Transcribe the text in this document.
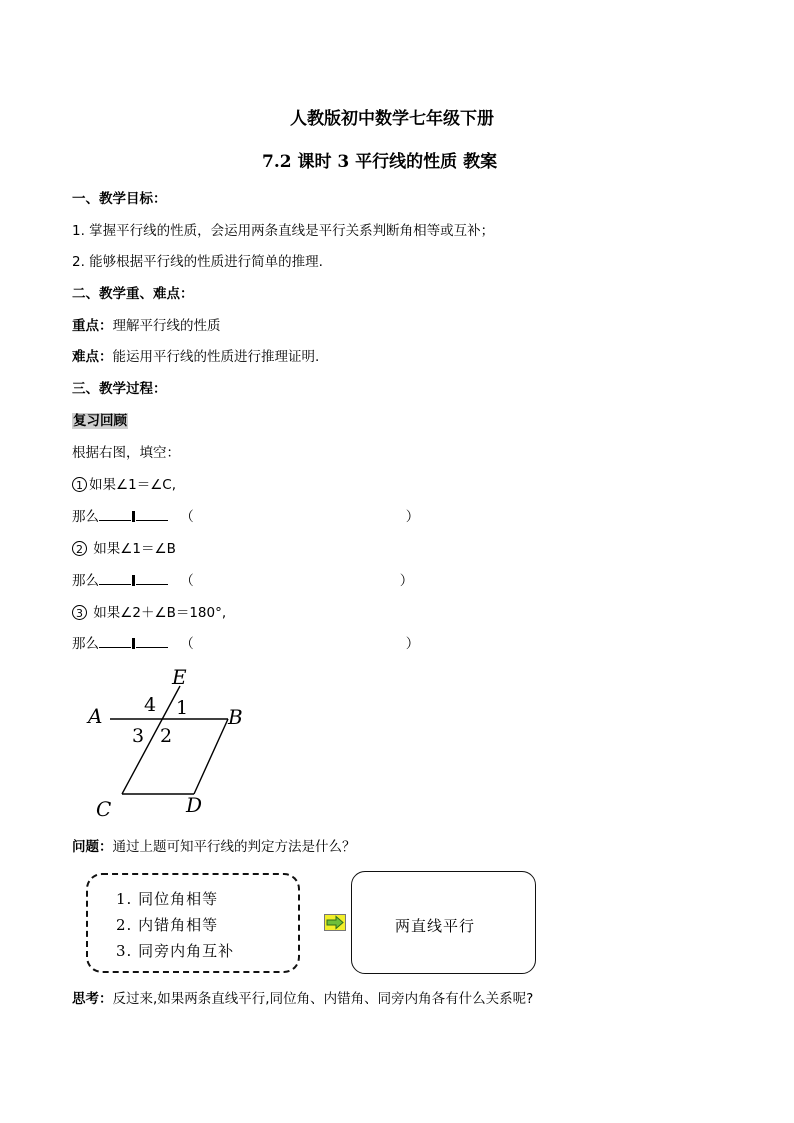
人教版初中数学七年级下册
7.2 课时 3 平行线的性质 教案
一、教学目标：
1. 掌握平行线的性质，会运用两条直线是平行关系判断角相等或互补；
2. 能够根据平行线的性质进行简单的推理.
二、教学重、难点：
重点：理解平行线的性质
难点：能运用平行线的性质进行推理证明.
三、教学过程：
复习回顾
根据右图，填空：
1 如果∠1＝∠C,
那么	（	）
2 如果∠1＝∠B
那么	（	）
3 如果∠2＋∠B＝180°,
那么	（	）
E
A	B
C	D
4 1
3 2
问题：通过上题可知平行线的判定方法是什么？
1. 同位角相等
2. 内错角相等
3. 同旁内角互补
两直线平行
思考：反过来,如果两条直线平行,同位角、内错角、同旁内角各有什么关系呢?
